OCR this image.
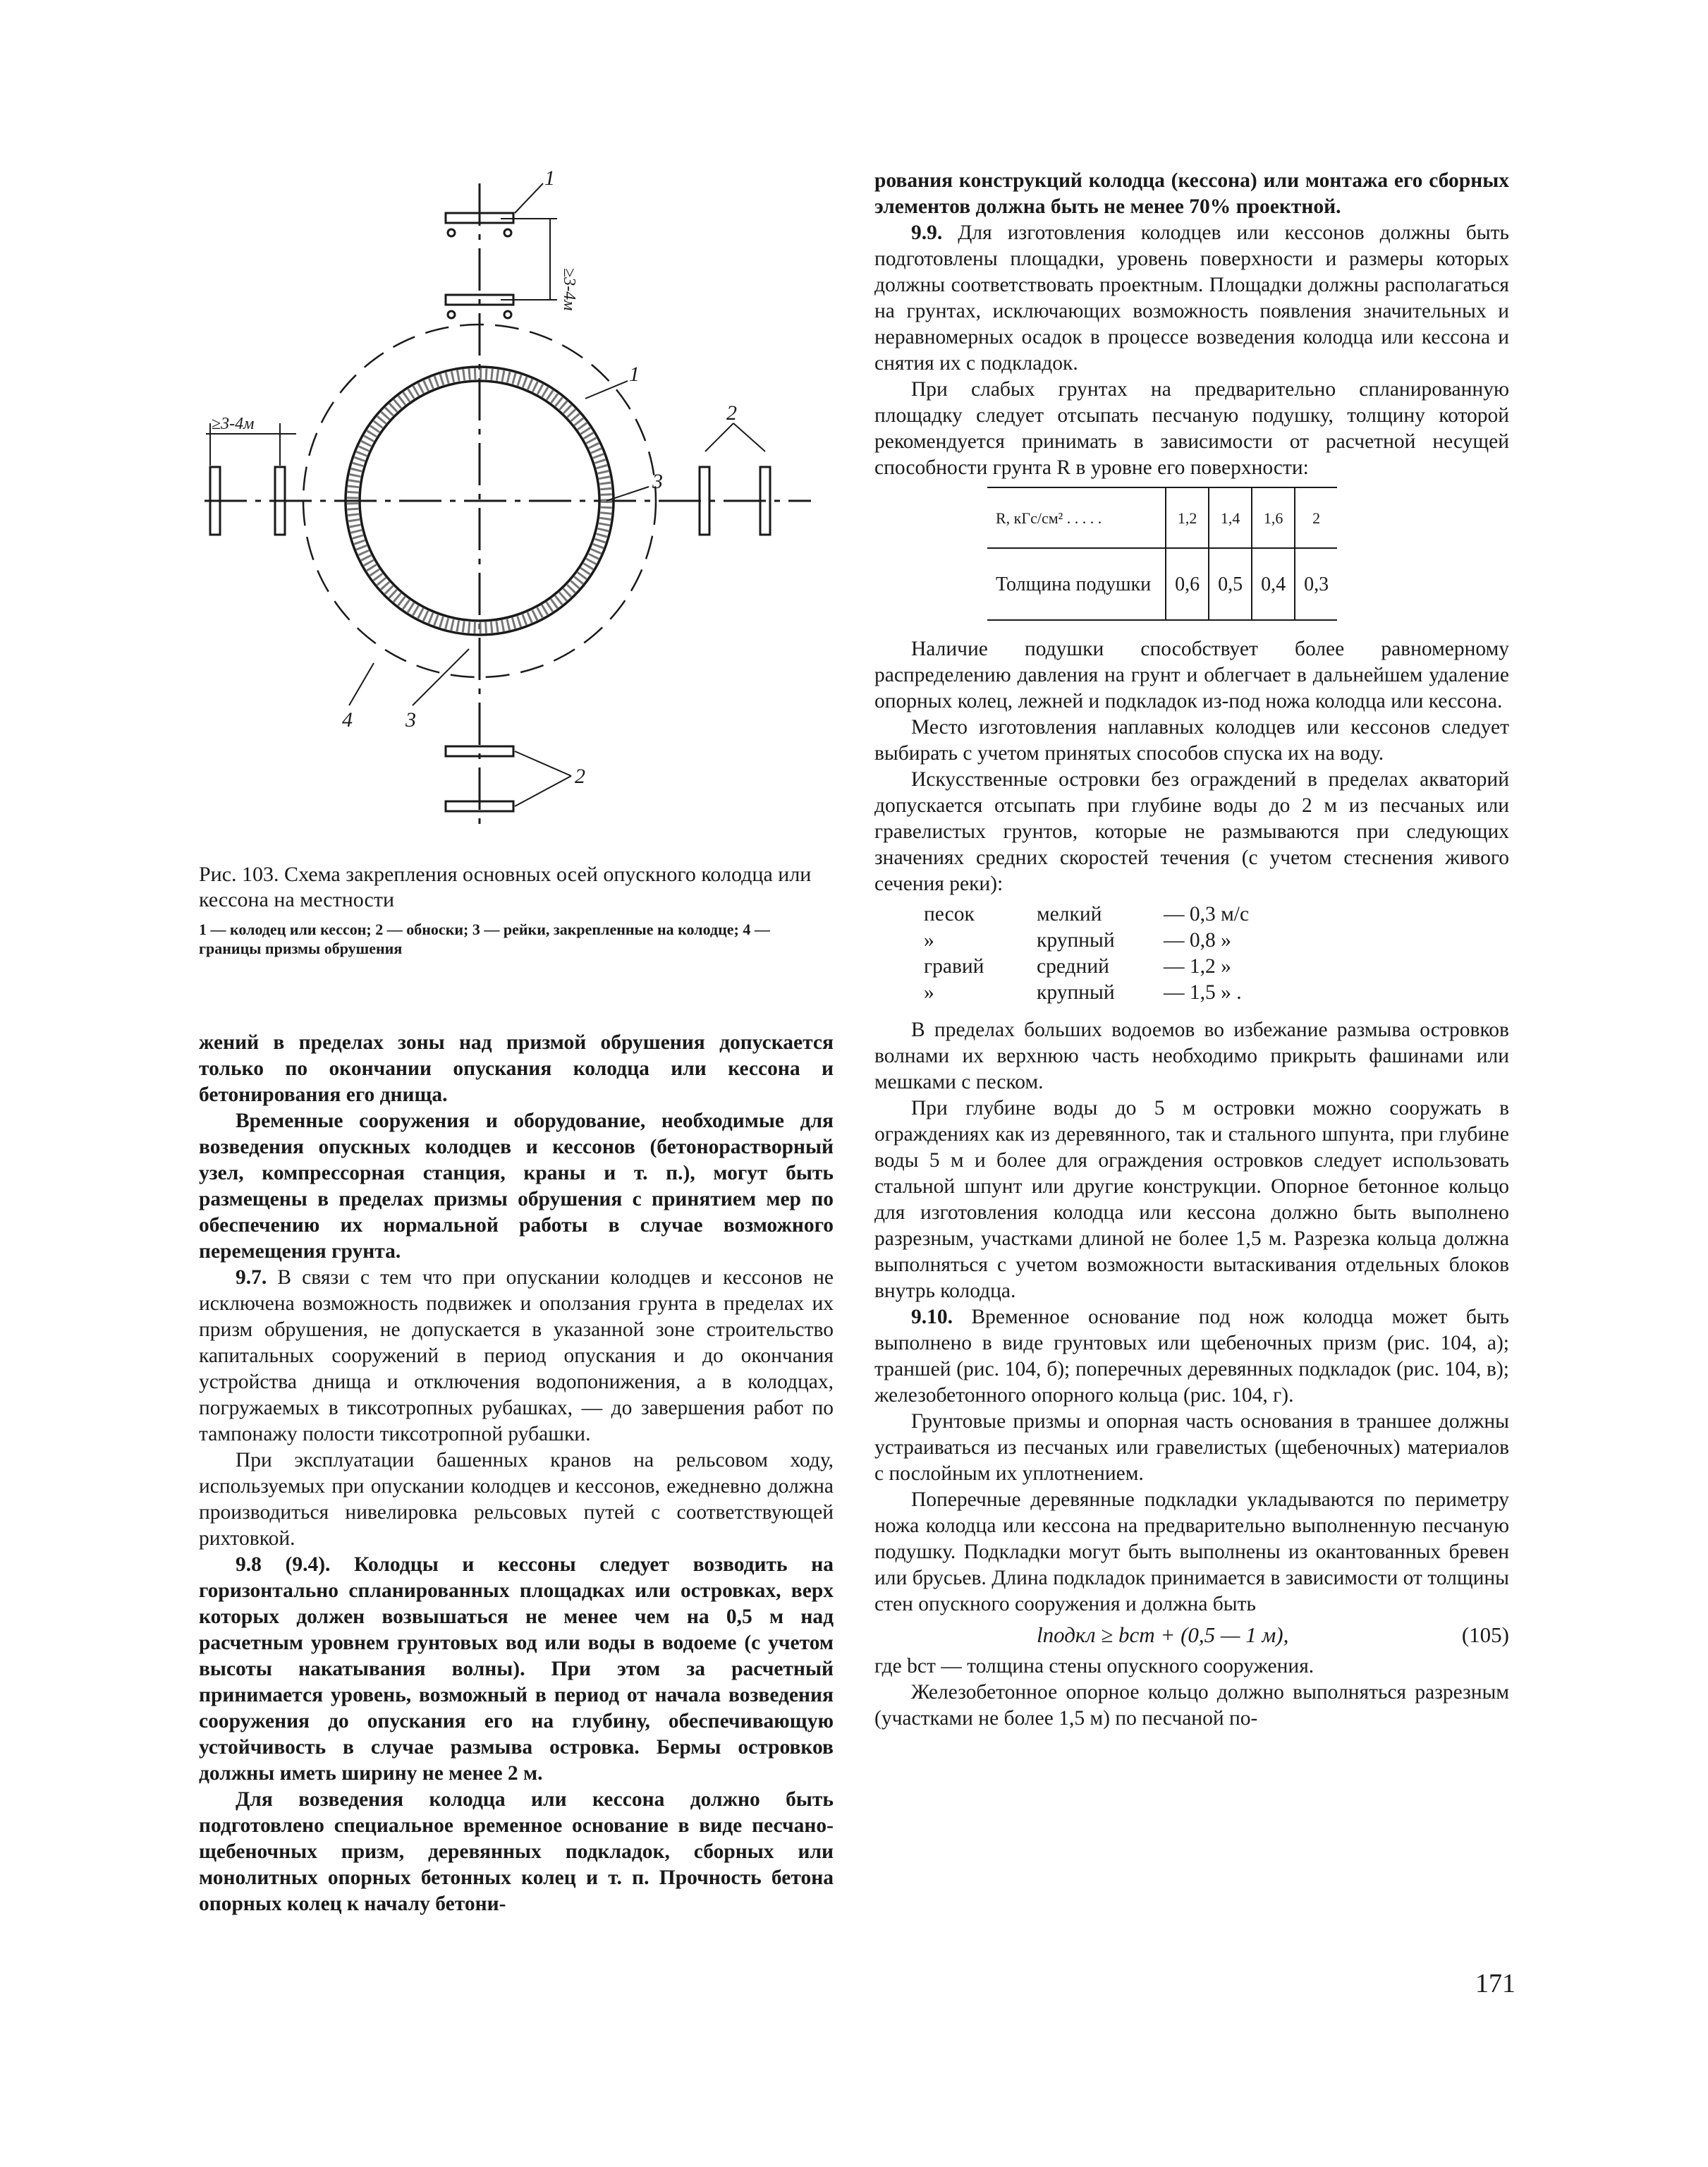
1
1
2
2
3
3
4
≥3-4м
≥3-4м
Рис. 103. Схема закрепления основных осей опускного колодца или кессона на местности
1 — колодец или кессон; 2 — обноски; 3 — рейки, закрепленные на колодце; 4 — границы призмы обрушения

жений в пределах зоны над призмой обрушения допускается только по окончании опускания колодца или кессона и бетонирования его днища.

Временные сооружения и оборудование, необходимые для возведения опускных колодцев и кессонов (бетонорастворный узел, компрессорная станция, краны и т. п.), могут быть размещены в пределах призмы обрушения с принятием мер по обеспечению их нормальной работы в случае возможного перемещения грунта.

9.7. В связи с тем что при опускании колодцев и кессонов не исключена возможность подвижек и оползания грунта в пределах их призм обрушения, не допускается в указанной зоне строительство капитальных сооружений в период опускания и до окончания устройства днища и отключения водопонижения, а в колодцах, погружаемых в тиксотропных рубашках, — до завершения работ по тампонажу полости тиксотропной рубашки.

При эксплуатации башенных кранов на рельсовом ходу, используемых при опускании колодцев и кессонов, ежедневно должна производиться нивелировка рельсовых путей с соответствующей рихтовкой.

9.8 (9.4). Колодцы и кессоны следует возводить на горизонтально спланированных площадках или островках, верх которых должен возвышаться не менее чем на 0,5 м над расчетным уровнем грунтовых вод или воды в водоеме (с учетом высоты накатывания волны). При этом за расчетный принимается уровень, возможный в период от начала возведения сооружения до опускания его на глубину, обеспечивающую устойчивость в случае размыва островка. Бермы островков должны иметь ширину не менее 2 м.

Для возведения колодца или кессона должно быть подготовлено специальное временное основание в виде песчано-щебеночных призм, деревянных подкладок, сборных или монолитных опорных бетонных колец и т. п. Прочность бетона опорных колец к началу бетони-

рования конструкций колодца (кессона) или монтажа его сборных элементов должна быть не менее 70% проектной.

9.9. Для изготовления колодцев или кессонов должны быть подготовлены площадки, уровень поверхности и размеры которых должны соответствовать проектным. Площадки должны располагаться на грунтах, исключающих возможность появления значительных и неравномерных осадок в процессе возведения колодца или кессона и снятия их с подкладок.

При слабых грунтах на предварительно спланированную площадку следует отсыпать песчаную подушку, толщину которой рекомендуется принимать в зависимости от расчетной несущей способности грунта R в уровне его поверхности:

R, кГс/см² . . . . .	1,2	1,4	1,6	2
Толщина подушки	0,6	0,5	0,4	0,3

Наличие подушки способствует более равномерному распределению давления на грунт и облегчает в дальнейшем удаление опорных колец, лежней и подкладок из-под ножа колодца или кессона.

Место изготовления наплавных колодцев или кессонов следует выбирать с учетом принятых способов спуска их на воду.

Искусственные островки без ограждений в пределах акваторий допускается отсыпать при глубине воды до 2 м из песчаных или гравелистых грунтов, которые не размываются при следующих значениях средних скоростей течения (с учетом стеснения живого сечения реки):

песок	мелкий	— 0,3 м/с
»	крупный	— 0,8 »
гравий	средний	— 1,2 »
»	крупный	— 1,5 » .

В пределах больших водоемов во избежание размыва островков волнами их верхнюю часть необходимо прикрыть фашинами или мешками с песком.

При глубине воды до 5 м островки можно сооружать в ограждениях как из деревянного, так и стального шпунта, при глубине воды 5 м и более для ограждения островков следует использовать стальной шпунт или другие конструкции. Опорное бетонное кольцо для изготовления колодца или кессона должно быть выполнено разрезным, участками длиной не более 1,5 м. Разрезка кольца должна выполняться с учетом возможности вытаскивания отдельных блоков внутрь колодца.

9.10. Временное основание под нож колодца может быть выполнено в виде грунтовых или щебеночных призм (рис. 104, а); траншей (рис. 104, б); поперечных деревянных подкладок (рис. 104, в); железобетонного опорного кольца (рис. 104, г).

Грунтовые призмы и опорная часть основания в траншее должны устраиваться из песчаных или гравелистых (щебеночных) материалов с послойным их уплотнением.

Поперечные деревянные подкладки укладываются по периметру ножа колодца или кессона на предварительно выполненную песчаную подушку. Подкладки могут быть выполнены из окантованных бревен или брусьев. Длина подкладок принимается в зависимости от толщины стен опускного сооружения и должна быть

lподкл ≥ bст + (0,5 — 1 м),	(105)

где bст — толщина стены опускного сооружения.

Железобетонное опорное кольцо должно выполняться разрезным (участками не более 1,5 м) по песчаной по-

171
